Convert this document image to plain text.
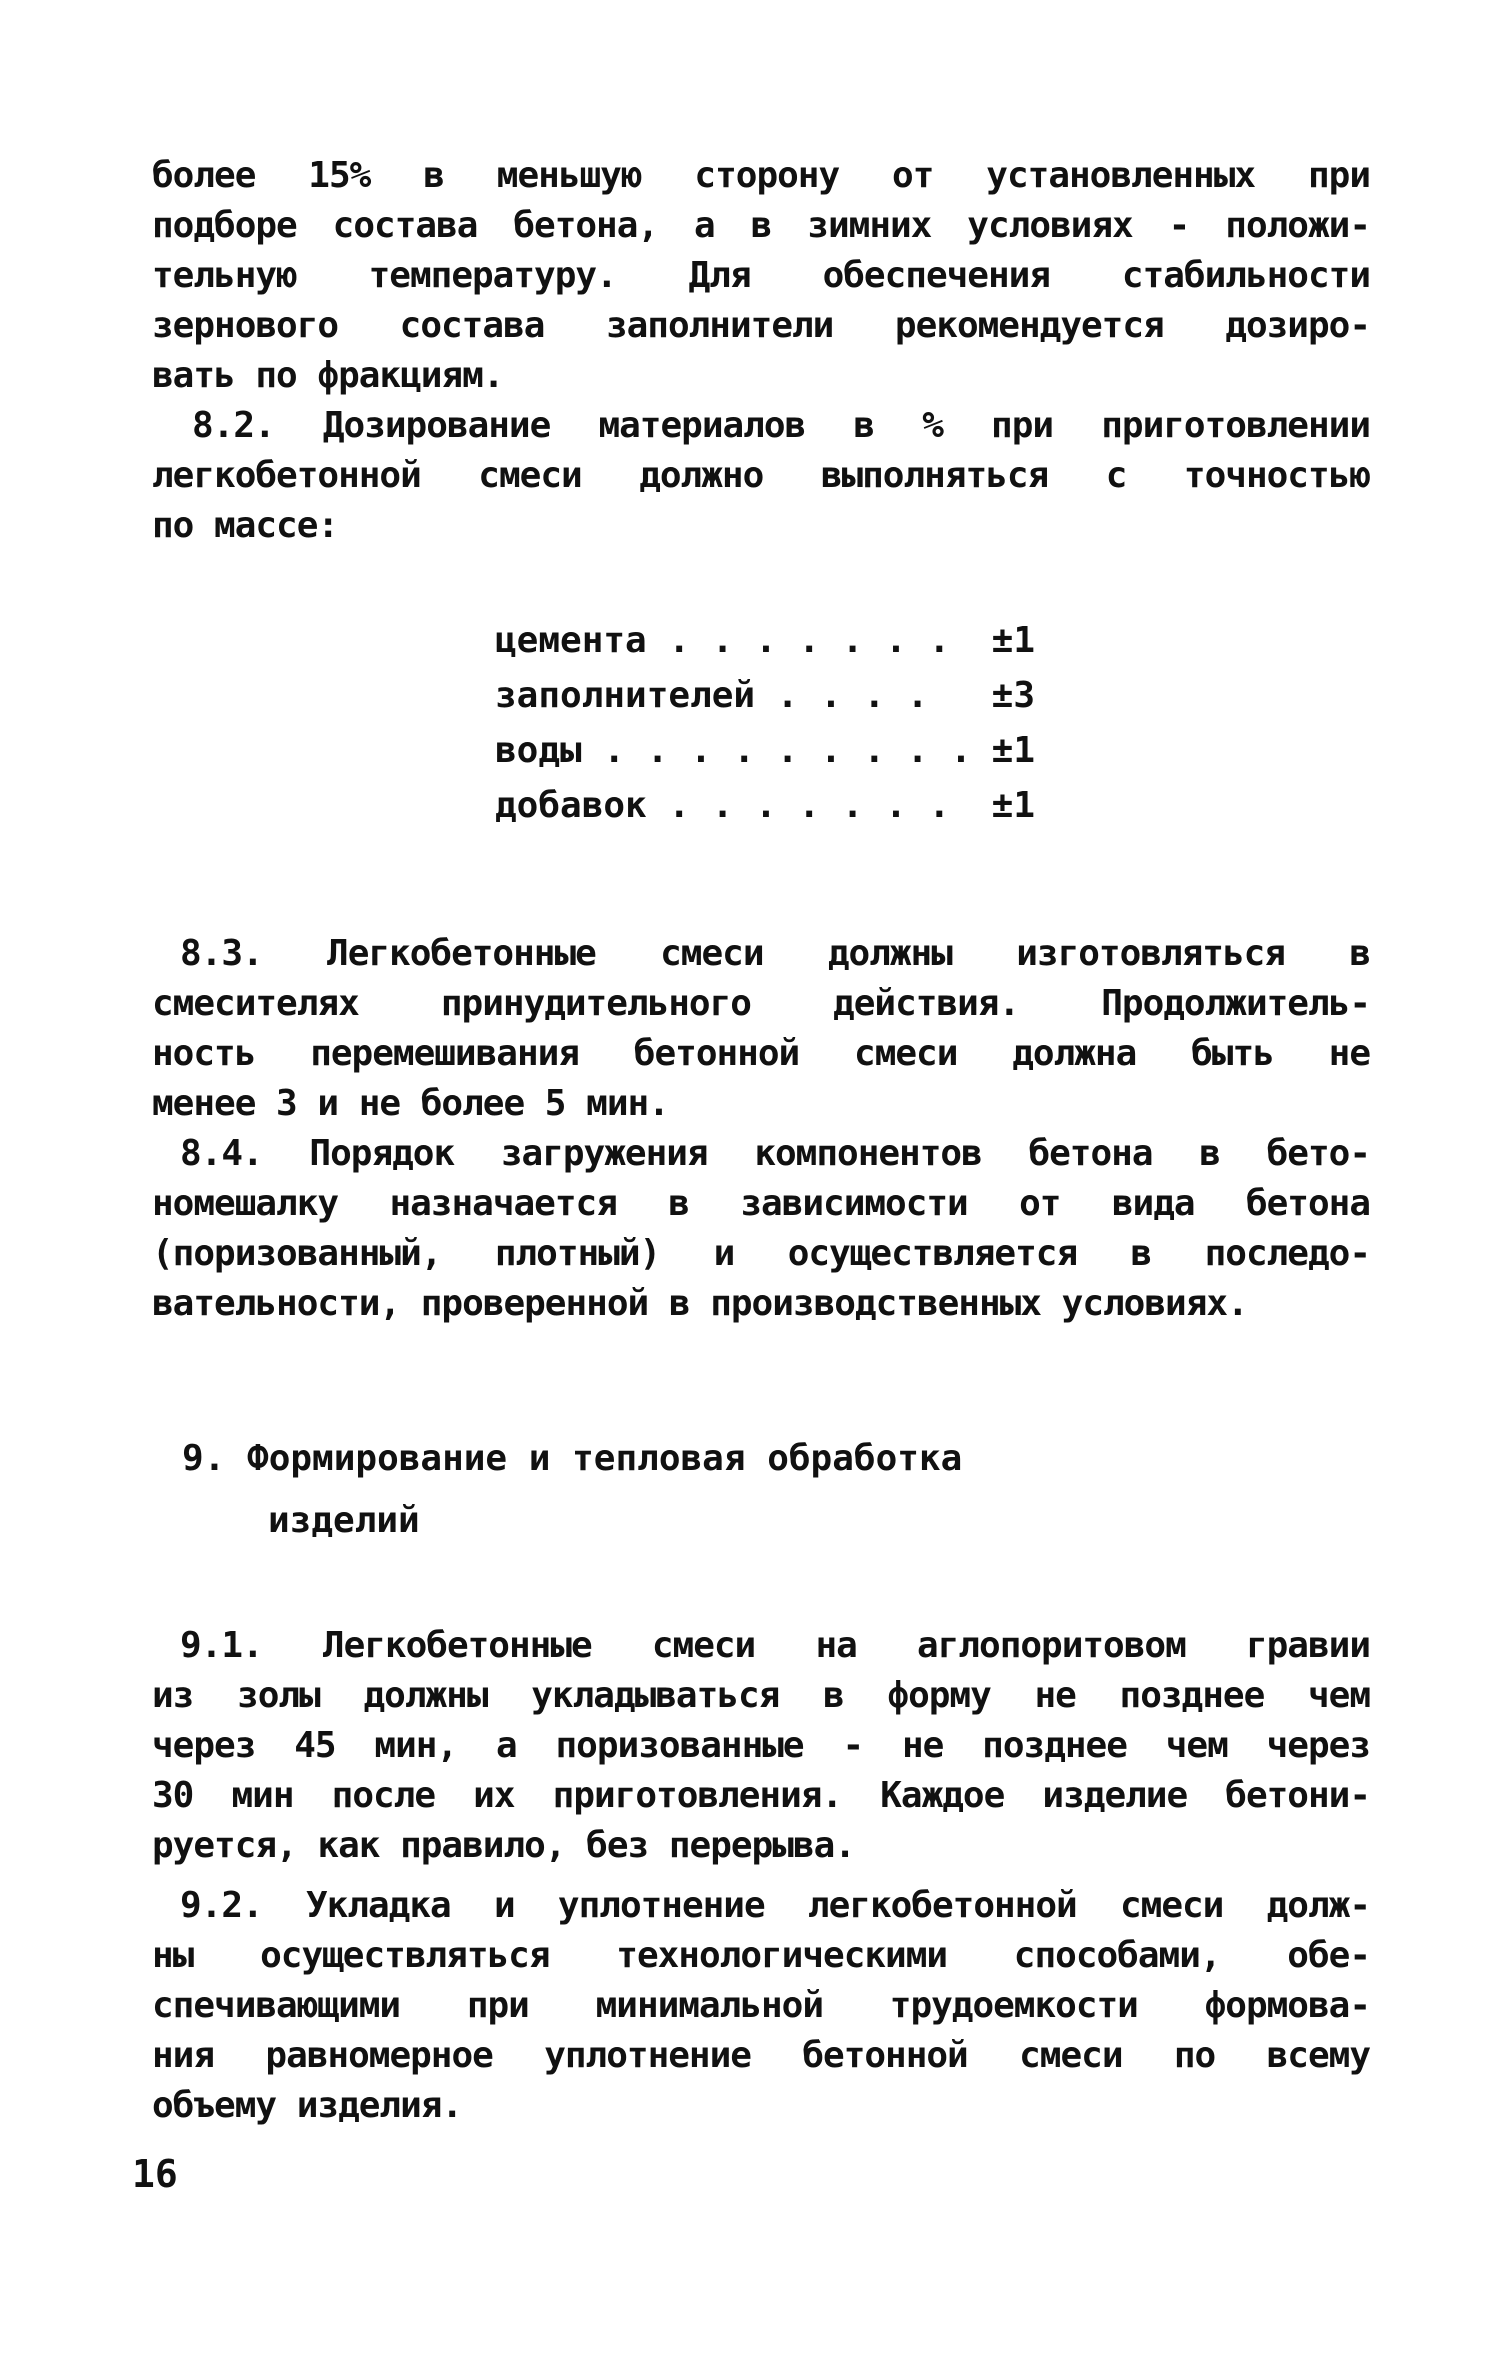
более 15% в меньшую сторону от установленных при
подборе состава бетона, а в зимних условиях - положи-
тельную температуру. Для обеспечения стабильности
зернового состава заполнители рекомендуется дозиро-
вать по фракциям.
8.2. Дозирование материалов в % при приготовлении
легкобетонной смеси должно выполняться с точностью
по массе:
цемента . . . . . . . ±1
заполнителей . . . . ±3
воды . . . . . . . . . ±1
добавок . . . . . . . ±1
8.3. Легкобетонные смеси должны изготовляться в
смесителях принудительного действия. Продолжитель-
ность перемешивания бетонной смеси должна быть не
менее 3 и не более 5 мин.
8.4. Порядок загружения компонентов бетона в бето-
номешалку назначается в зависимости от вида бетона
(поризованный, плотный) и осуществляется в последо-
вательности, проверенной в производственных условиях.
9. Формирование и тепловая обработка
изделий
9.1. Легкобетонные смеси на аглопоритовом гравии
из золы должны укладываться в форму не позднее чем
через 45 мин, а поризованные - не позднее чем через
30 мин после их приготовления. Каждое изделие бетони-
руется, как правило, без перерыва.
9.2. Укладка и уплотнение легкобетонной смеси долж-
ны осуществляться технологическими способами, обе-
спечивающими при минимальной трудоемкости формова-
ния равномерное уплотнение бетонной смеси по всему
объему изделия.
16
